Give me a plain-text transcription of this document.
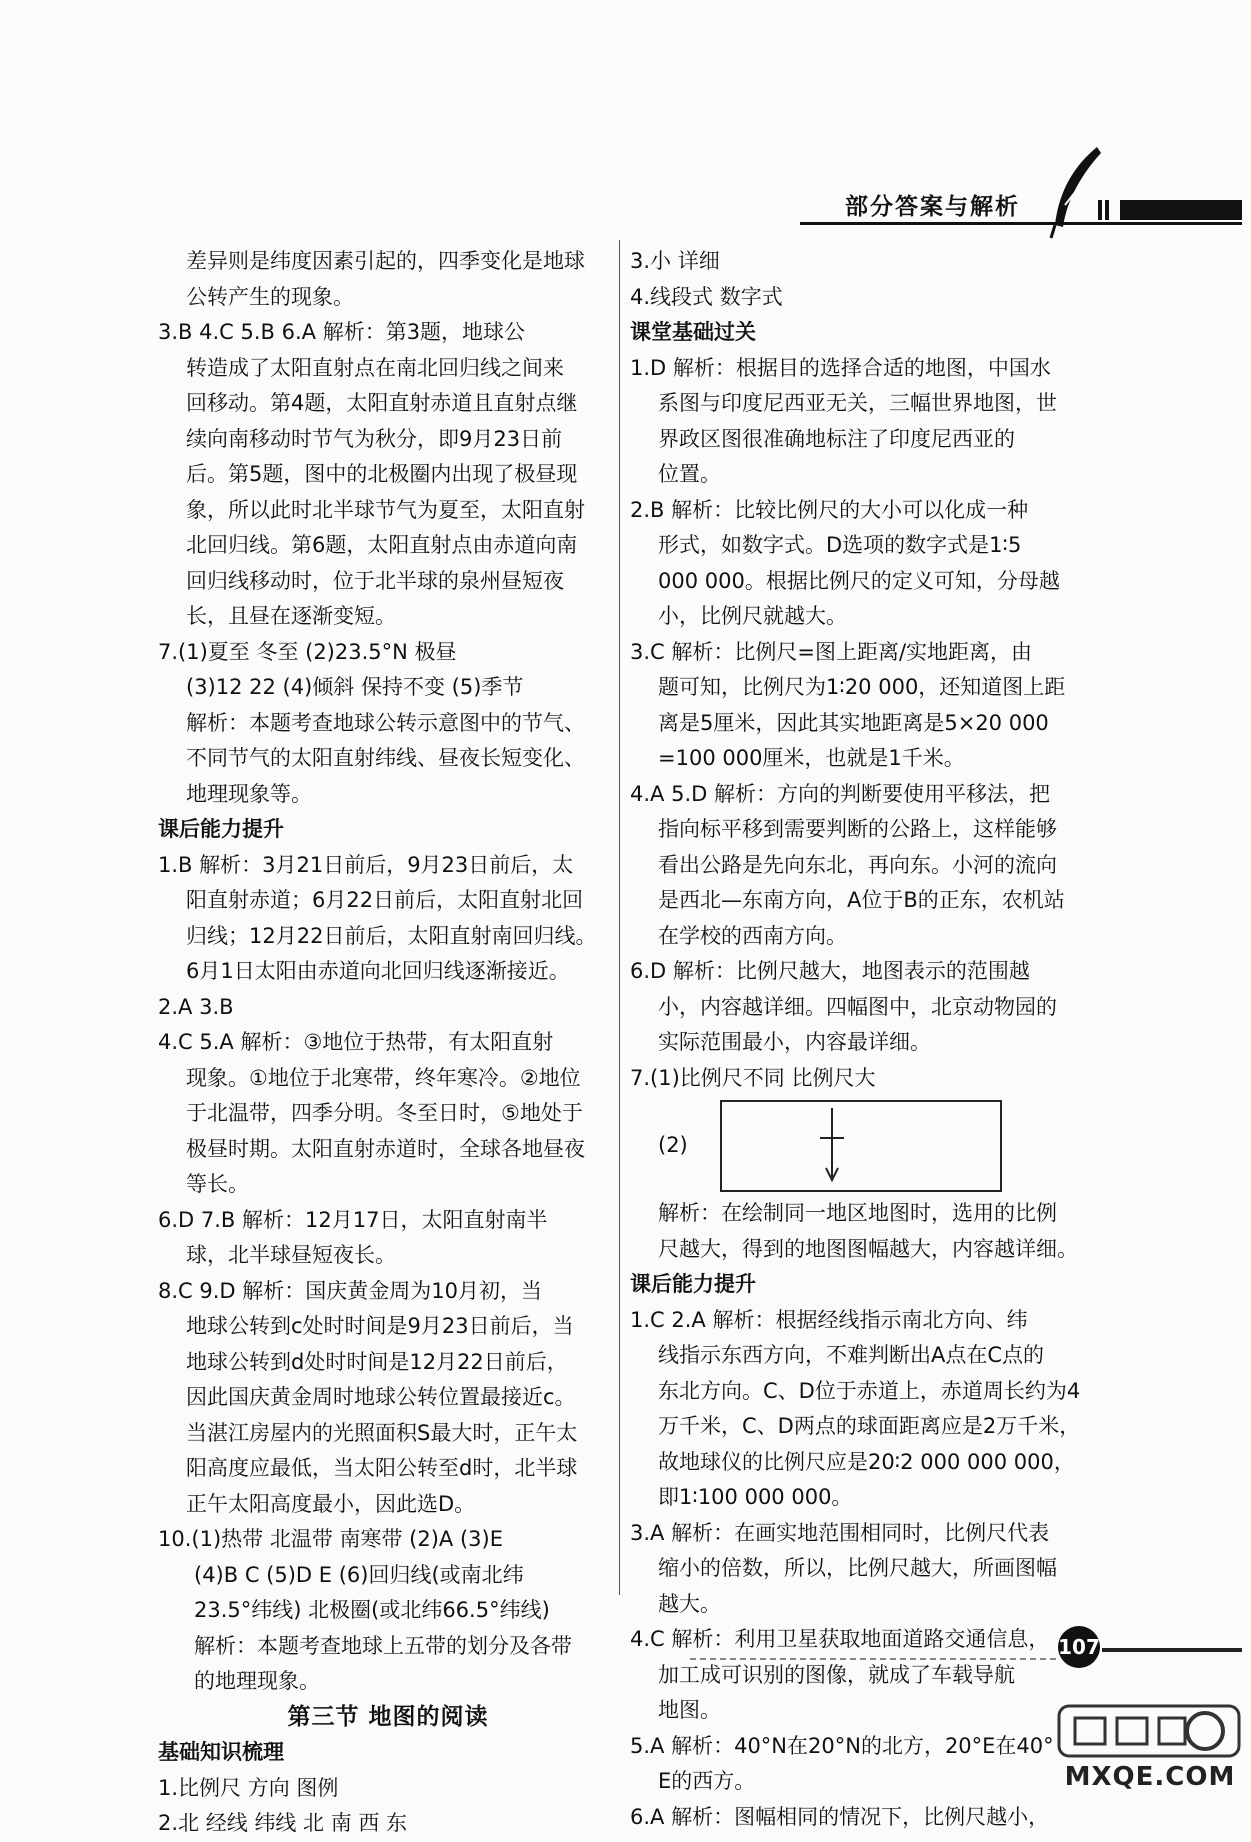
部分答案与解析
差异则是纬度因素引起的，四季变化是地球
公转产生的现象。
3.B 4.C 5.B 6.A 解析：第3题，地球公
转造成了太阳直射点在南北回归线之间来
回移动。第4题，太阳直射赤道且直射点继
续向南移动时节气为秋分，即9月23日前
后。第5题，图中的北极圈内出现了极昼现
象，所以此时北半球节气为夏至，太阳直射
北回归线。第6题，太阳直射点由赤道向南
回归线移动时，位于北半球的泉州昼短夜
长，且昼在逐渐变短。
7.(1)夏至 冬至 (2)23.5°N 极昼
(3)12 22 (4)倾斜 保持不变 (5)季节
解析：本题考查地球公转示意图中的节气、
不同节气的太阳直射纬线、昼夜长短变化、
地理现象等。
课后能力提升
1.B 解析：3月21日前后，9月23日前后，太
阳直射赤道；6月22日前后，太阳直射北回
归线；12月22日前后，太阳直射南回归线。
6月1日太阳由赤道向北回归线逐渐接近。
2.A 3.B
4.C 5.A 解析：③地位于热带，有太阳直射
现象。①地位于北寒带，终年寒冷。②地位
于北温带，四季分明。冬至日时，⑤地处于
极昼时期。太阳直射赤道时，全球各地昼夜
等长。
6.D 7.B 解析：12月17日，太阳直射南半
球，北半球昼短夜长。
8.C 9.D 解析：国庆黄金周为10月初，当
地球公转到c处时时间是9月23日前后，当
地球公转到d处时时间是12月22日前后，
因此国庆黄金周时地球公转位置最接近c。
当湛江房屋内的光照面积S最大时，正午太
阳高度应最低，当太阳公转至d时，北半球
正午太阳高度最小，因此选D。
10.(1)热带 北温带 南寒带 (2)A (3)E
(4)B C (5)D E (6)回归线(或南北纬
23.5°纬线) 北极圈(或北纬66.5°纬线)
解析：本题考查地球上五带的划分及各带
的地理现象。
第三节 地图的阅读
基础知识梳理
1.比例尺 方向 图例
2.北 经线 纬线 北 南 西 东
3.小 详细
4.线段式 数字式
课堂基础过关
1.D 解析：根据目的选择合适的地图，中国水
系图与印度尼西亚无关，三幅世界地图，世
界政区图很准确地标注了印度尼西亚的
位置。
2.B 解析：比较比例尺的大小可以化成一种
形式，如数字式。D选项的数字式是1∶5
000 000。根据比例尺的定义可知，分母越
小，比例尺就越大。
3.C 解析：比例尺=图上距离/实地距离，由
题可知，比例尺为1∶20 000，还知道图上距
离是5厘米，因此其实地距离是5×20 000
=100 000厘米，也就是1千米。
4.A 5.D 解析：方向的判断要使用平移法，把
指向标平移到需要判断的公路上，这样能够
看出公路是先向东北，再向东。小河的流向
是西北—东南方向，A位于B的正东，农机站
在学校的西南方向。
6.D 解析：比例尺越大，地图表示的范围越
小，内容越详细。四幅图中，北京动物园的
实际范围最小，内容最详细。
7.(1)比例尺不同 比例尺大
(2)
解析：在绘制同一地区地图时，选用的比例
尺越大，得到的地图图幅越大，内容越详细。
课后能力提升
1.C 2.A 解析：根据经线指示南北方向、纬
线指示东西方向，不难判断出A点在C点的
东北方向。C、D位于赤道上，赤道周长约为4
万千米，C、D两点的球面距离应是2万千米，
故地球仪的比例尺应是20∶2 000 000 000，
即1∶100 000 000。
3.A 解析：在画实地范围相同时，比例尺代表
缩小的倍数，所以，比例尺越大，所画图幅
越大。
4.C 解析：利用卫星获取地面道路交通信息，
加工成可识别的图像，就成了车载导航
地图。
5.A 解析：40°N在20°N的北方，20°E在40°
E的西方。
6.A 解析：图幅相同的情况下，比例尺越小，
107
MXQE.COM
